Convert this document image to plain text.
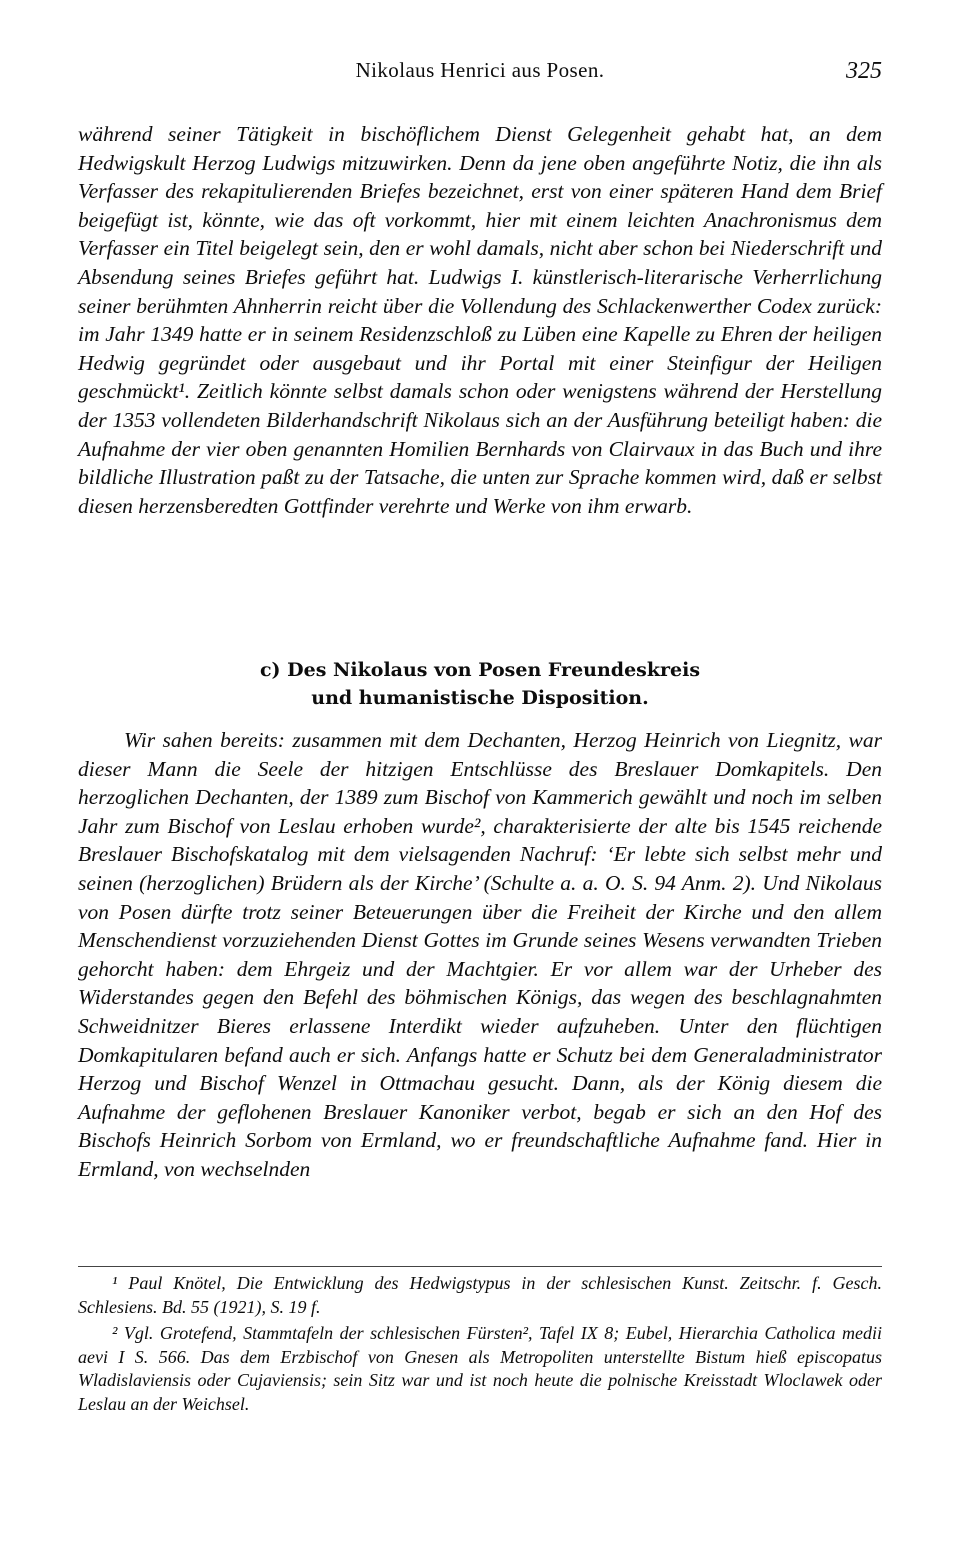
Nikolaus Henrici aus Posen.	325

während seiner Tätigkeit in bischöflichem Dienst Gelegenheit gehabt hat, an dem Hedwigskult Herzog Ludwigs mitzuwirken. Denn da jene oben angeführte Notiz, die ihn als Verfasser des rekapitulierenden Briefes bezeichnet, erst von einer späteren Hand dem Brief beigefügt ist, könnte, wie das oft vorkommt, hier mit einem leichten Anachronismus dem Verfasser ein Titel beigelegt sein, den er wohl damals, nicht aber schon bei Niederschrift und Absendung seines Briefes geführt hat. Ludwigs I. künstlerisch-literarische Verherrlichung seiner berühmten Ahnherrin reicht über die Vollendung des Schlackenwerther Codex zurück: im Jahr 1349 hatte er in seinem Residenzschloß zu Lüben eine Kapelle zu Ehren der heiligen Hedwig gegründet oder ausgebaut und ihr Portal mit einer Steinfigur der Heiligen geschmückt¹. Zeitlich könnte selbst damals schon oder wenigstens während der Herstellung der 1353 vollendeten Bilderhandschrift Nikolaus sich an der Ausführung beteiligt haben: die Aufnahme der vier oben genannten Homilien Bernhards von Clairvaux in das Buch und ihre bildliche Illustration paßt zu der Tatsache, die unten zur Sprache kommen wird, daß er selbst diesen herzensberedten Gottfinder verehrte und Werke von ihm erwarb.

c) Des Nikolaus von Posen Freundeskreis
und humanistische Disposition.

Wir sahen bereits: zusammen mit dem Dechanten, Herzog Heinrich von Liegnitz, war dieser Mann die Seele der hitzigen Entschlüsse des Breslauer Domkapitels. Den herzoglichen Dechanten, der 1389 zum Bischof von Kammerich gewählt und noch im selben Jahr zum Bischof von Leslau erhoben wurde², charakterisierte der alte bis 1545 reichende Breslauer Bischofskatalog mit dem vielsagenden Nachruf: ‘Er lebte sich selbst mehr und seinen (herzoglichen) Brüdern als der Kirche’ (Schulte a. a. O. S. 94 Anm. 2). Und Nikolaus von Posen dürfte trotz seiner Beteuerungen über die Freiheit der Kirche und den allem Menschendienst vorzuziehenden Dienst Gottes im Grunde seines Wesens verwandten Trieben gehorcht haben: dem Ehrgeiz und der Machtgier. Er vor allem war der Urheber des Widerstandes gegen den Befehl des böhmischen Königs, das wegen des beschlagnahmten Schweidnitzer Bieres erlassene Interdikt wieder aufzuheben. Unter den flüchtigen Domkapitularen befand auch er sich. Anfangs hatte er Schutz bei dem Generaladministrator Herzog und Bischof Wenzel in Ottmachau gesucht. Dann, als der König diesem die Aufnahme der geflohenen Breslauer Kanoniker verbot, begab er sich an den Hof des Bischofs Heinrich Sorbom von Ermland, wo er freundschaftliche Aufnahme fand. Hier in Ermland, von wechselnden

¹ Paul Knötel, Die Entwicklung des Hedwigstypus in der schlesischen Kunst. Zeitschr. f. Gesch. Schlesiens. Bd. 55 (1921), S. 19 f.

² Vgl. Grotefend, Stammtafeln der schlesischen Fürsten², Tafel IX 8; Eubel, Hierarchia Catholica medii aevi I S. 566. Das dem Erzbischof von Gnesen als Metropoliten unterstellte Bistum hieß episcopatus Wladislaviensis oder Cujaviensis; sein Sitz war und ist noch heute die polnische Kreisstadt Wloclawek oder Leslau an der Weichsel.
